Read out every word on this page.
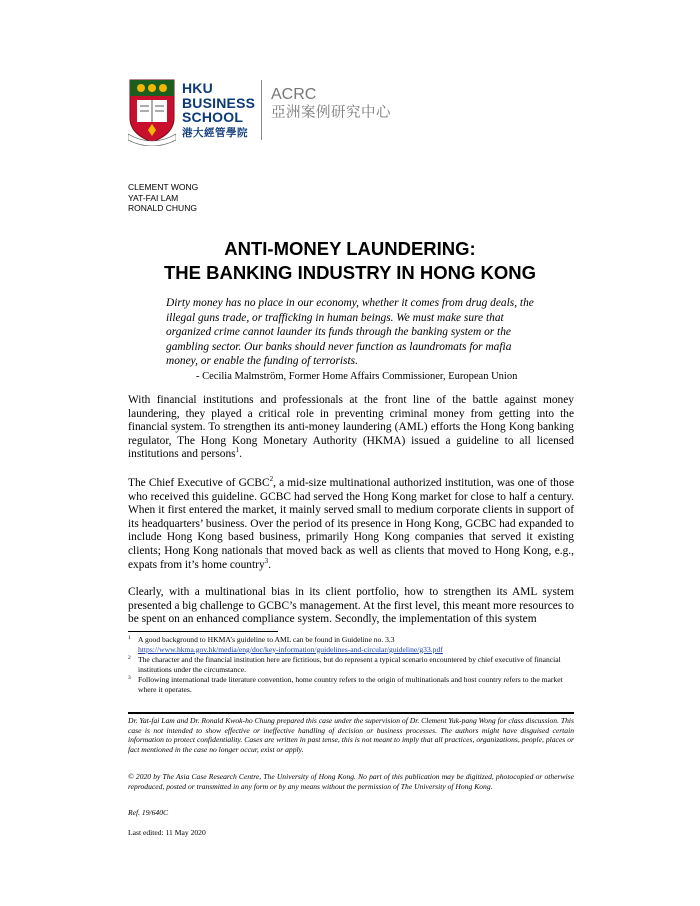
HKU
BUSINESS
SCHOOL
港大經管學院
ACRC
亞洲案例研究中心
CLEMENT WONG
YAT-FAI LAM
RONALD CHUNG
ANTI-MONEY LAUNDERING:
THE BANKING INDUSTRY IN HONG KONG
Dirty money has no place in our economy, whether it comes from drug deals, the illegal guns trade, or trafficking in human beings. We must make sure that organized crime cannot launder its funds through the banking system or the gambling sector. Our banks should never function as laundromats for mafia money, or enable the funding of terrorists.
- Cecilia Malmström, Former Home Affairs Commissioner, European Union
With financial institutions and professionals at the front line of the battle against money laundering, they played a critical role in preventing criminal money from getting into the financial system. To strengthen its anti-money laundering (AML) efforts the Hong Kong banking regulator, The Hong Kong Monetary Authority (HKMA) issued a guideline to all licensed institutions and persons$^1$.
The Chief Executive of GCBC$^2$, a mid-size multinational authorized institution, was one of those who received this guideline. GCBC had served the Hong Kong market for close to half a century. When it first entered the market, it mainly served small to medium corporate clients in support of its headquarters’ business. Over the period of its presence in Hong Kong, GCBC had expanded to include Hong Kong based business, primarily Hong Kong companies that served it existing clients; Hong Kong nationals that moved back as well as clients that moved to Hong Kong, e.g., expats from it’s home country$^3$.
Clearly, with a multinational bias in its client portfolio, how to strengthen its AML system presented a big challenge to GCBC’s management. At the first level, this meant more resources to be spent on an enhanced compliance system. Secondly, the implementation of this system
1 A good background to HKMA’s guideline to AML can be found in Guideline no. 3.3
https://www.hkma.gov.hk/media/eng/doc/key-information/guidelines-and-circular/guideline/g33.pdf
2 The character and the financial institution here are fictitious, but do represent a typical scenario encountered by chief executive of financial institutions under the circumstance.
3 Following international trade literature convention, home country refers to the origin of multinationals and host country refers to the market where it operates.
Dr. Yat-fai Lam and Dr. Ronald Kwok-ho Chung prepared this case under the supervision of Dr. Clement Yuk-pang Wong for class discussion. This case is not intended to show effective or ineffective handling of decision or business processes. The authors might have disguised certain information to protect confidentiality. Cases are written in past tense, this is not meant to imply that all practices, organizations, people, places or fact mentioned in the case no longer occur, exist or apply.
© 2020 by The Asia Case Research Centre, The University of Hong Kong. No part of this publication may be digitized, photocopied or otherwise reproduced, posted or transmitted in any form or by any means without the permission of The University of Hong Kong.
Ref. 19/640C
Last edited: 11 May 2020
